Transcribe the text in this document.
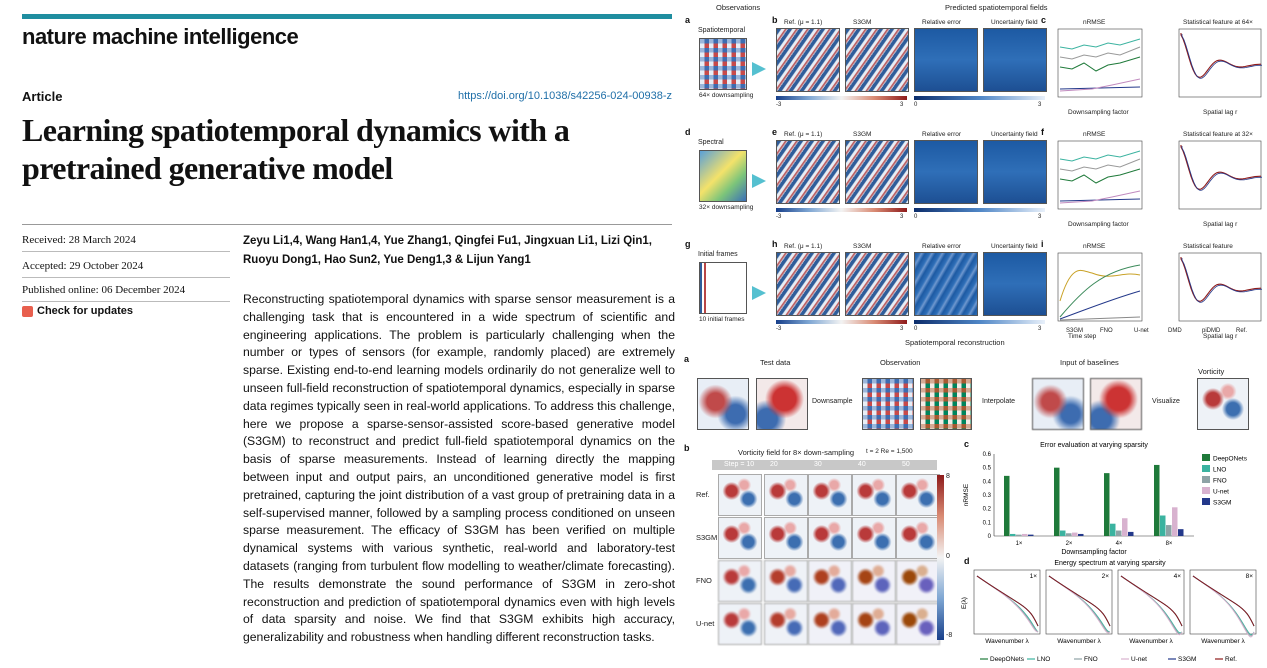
nature machine intelligence
Article	https://doi.org/10.1038/s42256-024-00938-z
Learning spatiotemporal dynamics with a pretrained generative model
Received: 28 March 2024
Accepted: 29 October 2024
Published online: 06 December 2024
Check for updates
Zeyu Li1,4, Wang Han1,4, Yue Zhang1, Qingfei Fu1, Jingxuan Li1, Lizi Qin1, Ruoyu Dong1, Hao Sun2, Yue Deng1,3 & Lijun Yang1
Reconstructing spatiotemporal dynamics with sparse sensor measurement is a challenging task that is encountered in a wide spectrum of scientific and engineering applications. The problem is particularly challenging when the number or types of sensors (for example, randomly placed) are extremely sparse. Existing end-to-end learning models ordinarily do not generalize well to unseen full-field reconstruction of spatiotemporal dynamics, especially in sparse data regimes typically seen in real-world applications. To address this challenge, here we propose a sparse-sensor-assisted score-based generative model (S3GM) to reconstruct and predict full-field spatiotemporal dynamics on the basis of sparse measurements. Instead of learning directly the mapping between input and output pairs, an unconditioned generative model is first pretrained, capturing the joint distribution of a vast group of pretraining data in a self-supervised manner, followed by a sampling process conditioned on unseen sparse measurement. The efficacy of S3GM has been verified on multiple dynamical systems with various synthetic, real-world and laboratory-test datasets (ranging from turbulent flow modelling to weather/climate forecasting). The results demonstrate the sound performance of S3GM in zero-shot reconstruction and prediction of spatiotemporal dynamics even with high levels of data sparsity and noise. We find that S3GM exhibits high accuracy, generalizability and robustness when handling different reconstruction tasks.
Observations	Predicted spatiotemporal fields
a
Spatiotemporal
64× downsampling
b Ref. (μ = 1.1)	S3GM	Relative error	Uncertainty field
-3	3 0	3
c	nRMSE
Downsampling factor
Statistical feature at 64×
Spatial lag r
d
Spectral
32× downsampling
e Ref. (μ = 1.1)	S3GM	Relative error	Uncertainty field
-3	3 0	3
f	nRMSE
Downsampling factor
Statistical feature at 32×
Spatial lag r
g
Initial frames
10 initial frames
h Ref. (μ = 1.1)	S3GM	Relative error	Uncertainty field
-3	3 0	3
i	nRMSE
Time step
Statistical feature
Spatial lag r
S3GM	FNO	U-net	DMD	piDMD	Ref.
Spatiotemporal reconstruction
a	Test data	Observation	Input of baselines
Vorticity
Downsample	Interpolate	Visualize
b	Vorticity field for 8× down-sampling t = 2 Re = 1,500
Step = 10 20	30	40	50
Ref.
S3GM
FNO
U-net
8
0
-8
c	Error evaluation at varying sparsity
0
0.1
0.2
0.3
0.4
0.5
0.6
nRMSE
1×	2×	4×	8×
Downsampling factor
DeepONets
LNO
FNO
U-net
S3GM
d	Energy spectrum at varying sparsity
E(λ)
1×
Wavenumber λ
2×
Wavenumber λ
4×
Wavenumber λ
8×
Wavenumber λ
DeepONets LNO	FNO	U-net	S3GM	Ref.
